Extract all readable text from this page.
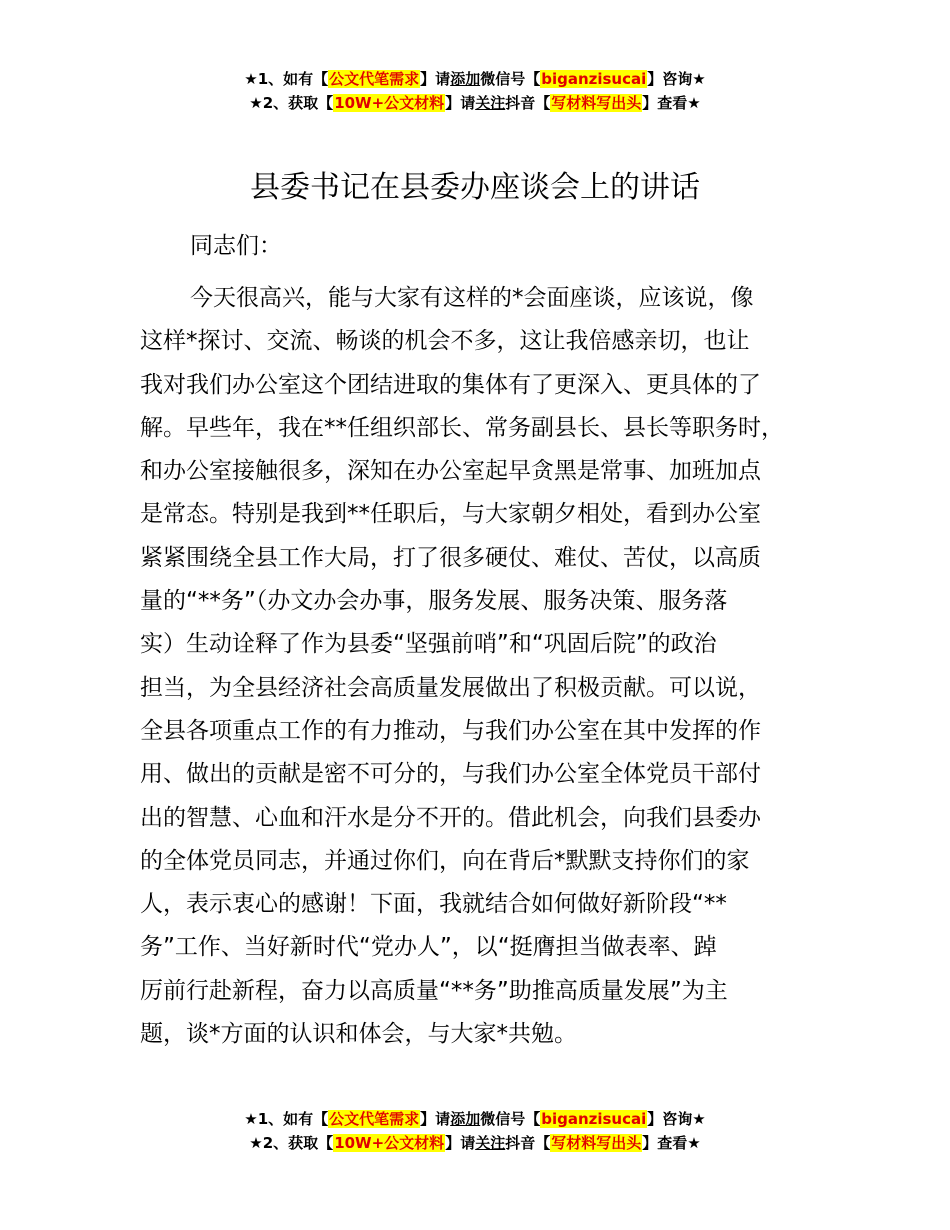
★1、如有【公文代笔需求】请添加微信号【biganzisucai】咨询★
★2、获取【10W+公文材料】请关注抖音【写材料写出头】查看★
县委书记在县委办座谈会上的讲话
同志们：
今天很高兴，能与大家有这样的*会面座谈，应该说，像
这样*探讨、交流、畅谈的机会不多，这让我倍感亲切，也让
我对我们办公室这个团结进取的集体有了更深入、更具体的了
解。早些年，我在**任组织部长、常务副县长、县长等职务时，
和办公室接触很多，深知在办公室起早贪黑是常事、加班加点
是常态。特别是我到**任职后，与大家朝夕相处，看到办公室
紧紧围绕全县工作大局，打了很多硬仗、难仗、苦仗，以高质
量的“**务”（办文办会办事，服务发展、服务决策、服务落
实）生动诠释了作为县委“坚强前哨”和“巩固后院”的政治
担当，为全县经济社会高质量发展做出了积极贡献。可以说，
全县各项重点工作的有力推动，与我们办公室在其中发挥的作
用、做出的贡献是密不可分的，与我们办公室全体党员干部付
出的智慧、心血和汗水是分不开的。借此机会，向我们县委办
的全体党员同志，并通过你们，向在背后*默默支持你们的家
人，表示衷心的感谢！下面，我就结合如何做好新阶段“**
务”工作、当好新时代“党办人”，以“挺膺担当做表率、踔
厉前行赴新程，奋力以高质量“**务”助推高质量发展”为主
题，谈*方面的认识和体会，与大家*共勉。
★1、如有【公文代笔需求】请添加微信号【biganzisucai】咨询★
★2、获取【10W+公文材料】请关注抖音【写材料写出头】查看★
